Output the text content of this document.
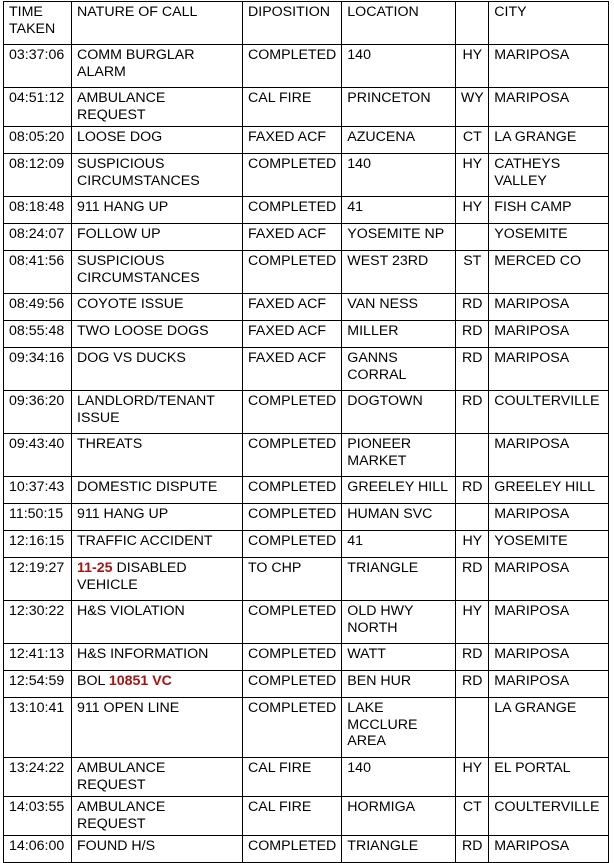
TIME TAKEN	NATURE OF CALL	DIPOSITION	LOCATION		CITY
03:37:06	COMM BURGLAR ALARM	COMPLETED	140	HY	MARIPOSA
04:51:12	AMBULANCE REQUEST	CAL FIRE	PRINCETON	WY	MARIPOSA
08:05:20	LOOSE DOG	FAXED ACF	AZUCENA	CT	LA GRANGE
08:12:09	SUSPICIOUS CIRCUMSTANCES	COMPLETED	140	HY	CATHEYS VALLEY
08:18:48	911 HANG UP	COMPLETED	41	HY	FISH CAMP
08:24:07	FOLLOW UP	FAXED ACF	YOSEMITE NP		YOSEMITE
08:41:56	SUSPICIOUS CIRCUMSTANCES	COMPLETED	WEST 23RD	ST	MERCED CO
08:49:56	COYOTE ISSUE	FAXED ACF	VAN NESS	RD	MARIPOSA
08:55:48	TWO LOOSE DOGS	FAXED ACF	MILLER	RD	MARIPOSA
09:34:16	DOG VS DUCKS	FAXED ACF	GANNS CORRAL	RD	MARIPOSA
09:36:20	LANDLORD/TENANT ISSUE	COMPLETED	DOGTOWN	RD	COULTERVILLE
09:43:40	THREATS	COMPLETED	PIONEER MARKET		MARIPOSA
10:37:43	DOMESTIC DISPUTE	COMPLETED	GREELEY HILL	RD	GREELEY HILL
11:50:15	911 HANG UP	COMPLETED	HUMAN SVC		MARIPOSA
12:16:15	TRAFFIC ACCIDENT	COMPLETED	41	HY	YOSEMITE
12:19:27	11-25 DISABLED VEHICLE	TO CHP	TRIANGLE	RD	MARIPOSA
12:30:22	H&S VIOLATION	COMPLETED	OLD HWY NORTH	HY	MARIPOSA
12:41:13	H&S INFORMATION	COMPLETED	WATT	RD	MARIPOSA
12:54:59	BOL 10851 VC	COMPLETED	BEN HUR	RD	MARIPOSA
13:10:41	911 OPEN LINE	COMPLETED	LAKE MCCLURE AREA		LA GRANGE
13:24:22	AMBULANCE REQUEST	CAL FIRE	140	HY	EL PORTAL
14:03:55	AMBULANCE REQUEST	CAL FIRE	HORMIGA	CT	COULTERVILLE
14:06:00	FOUND H/S	COMPLETED	TRIANGLE	RD	MARIPOSA
